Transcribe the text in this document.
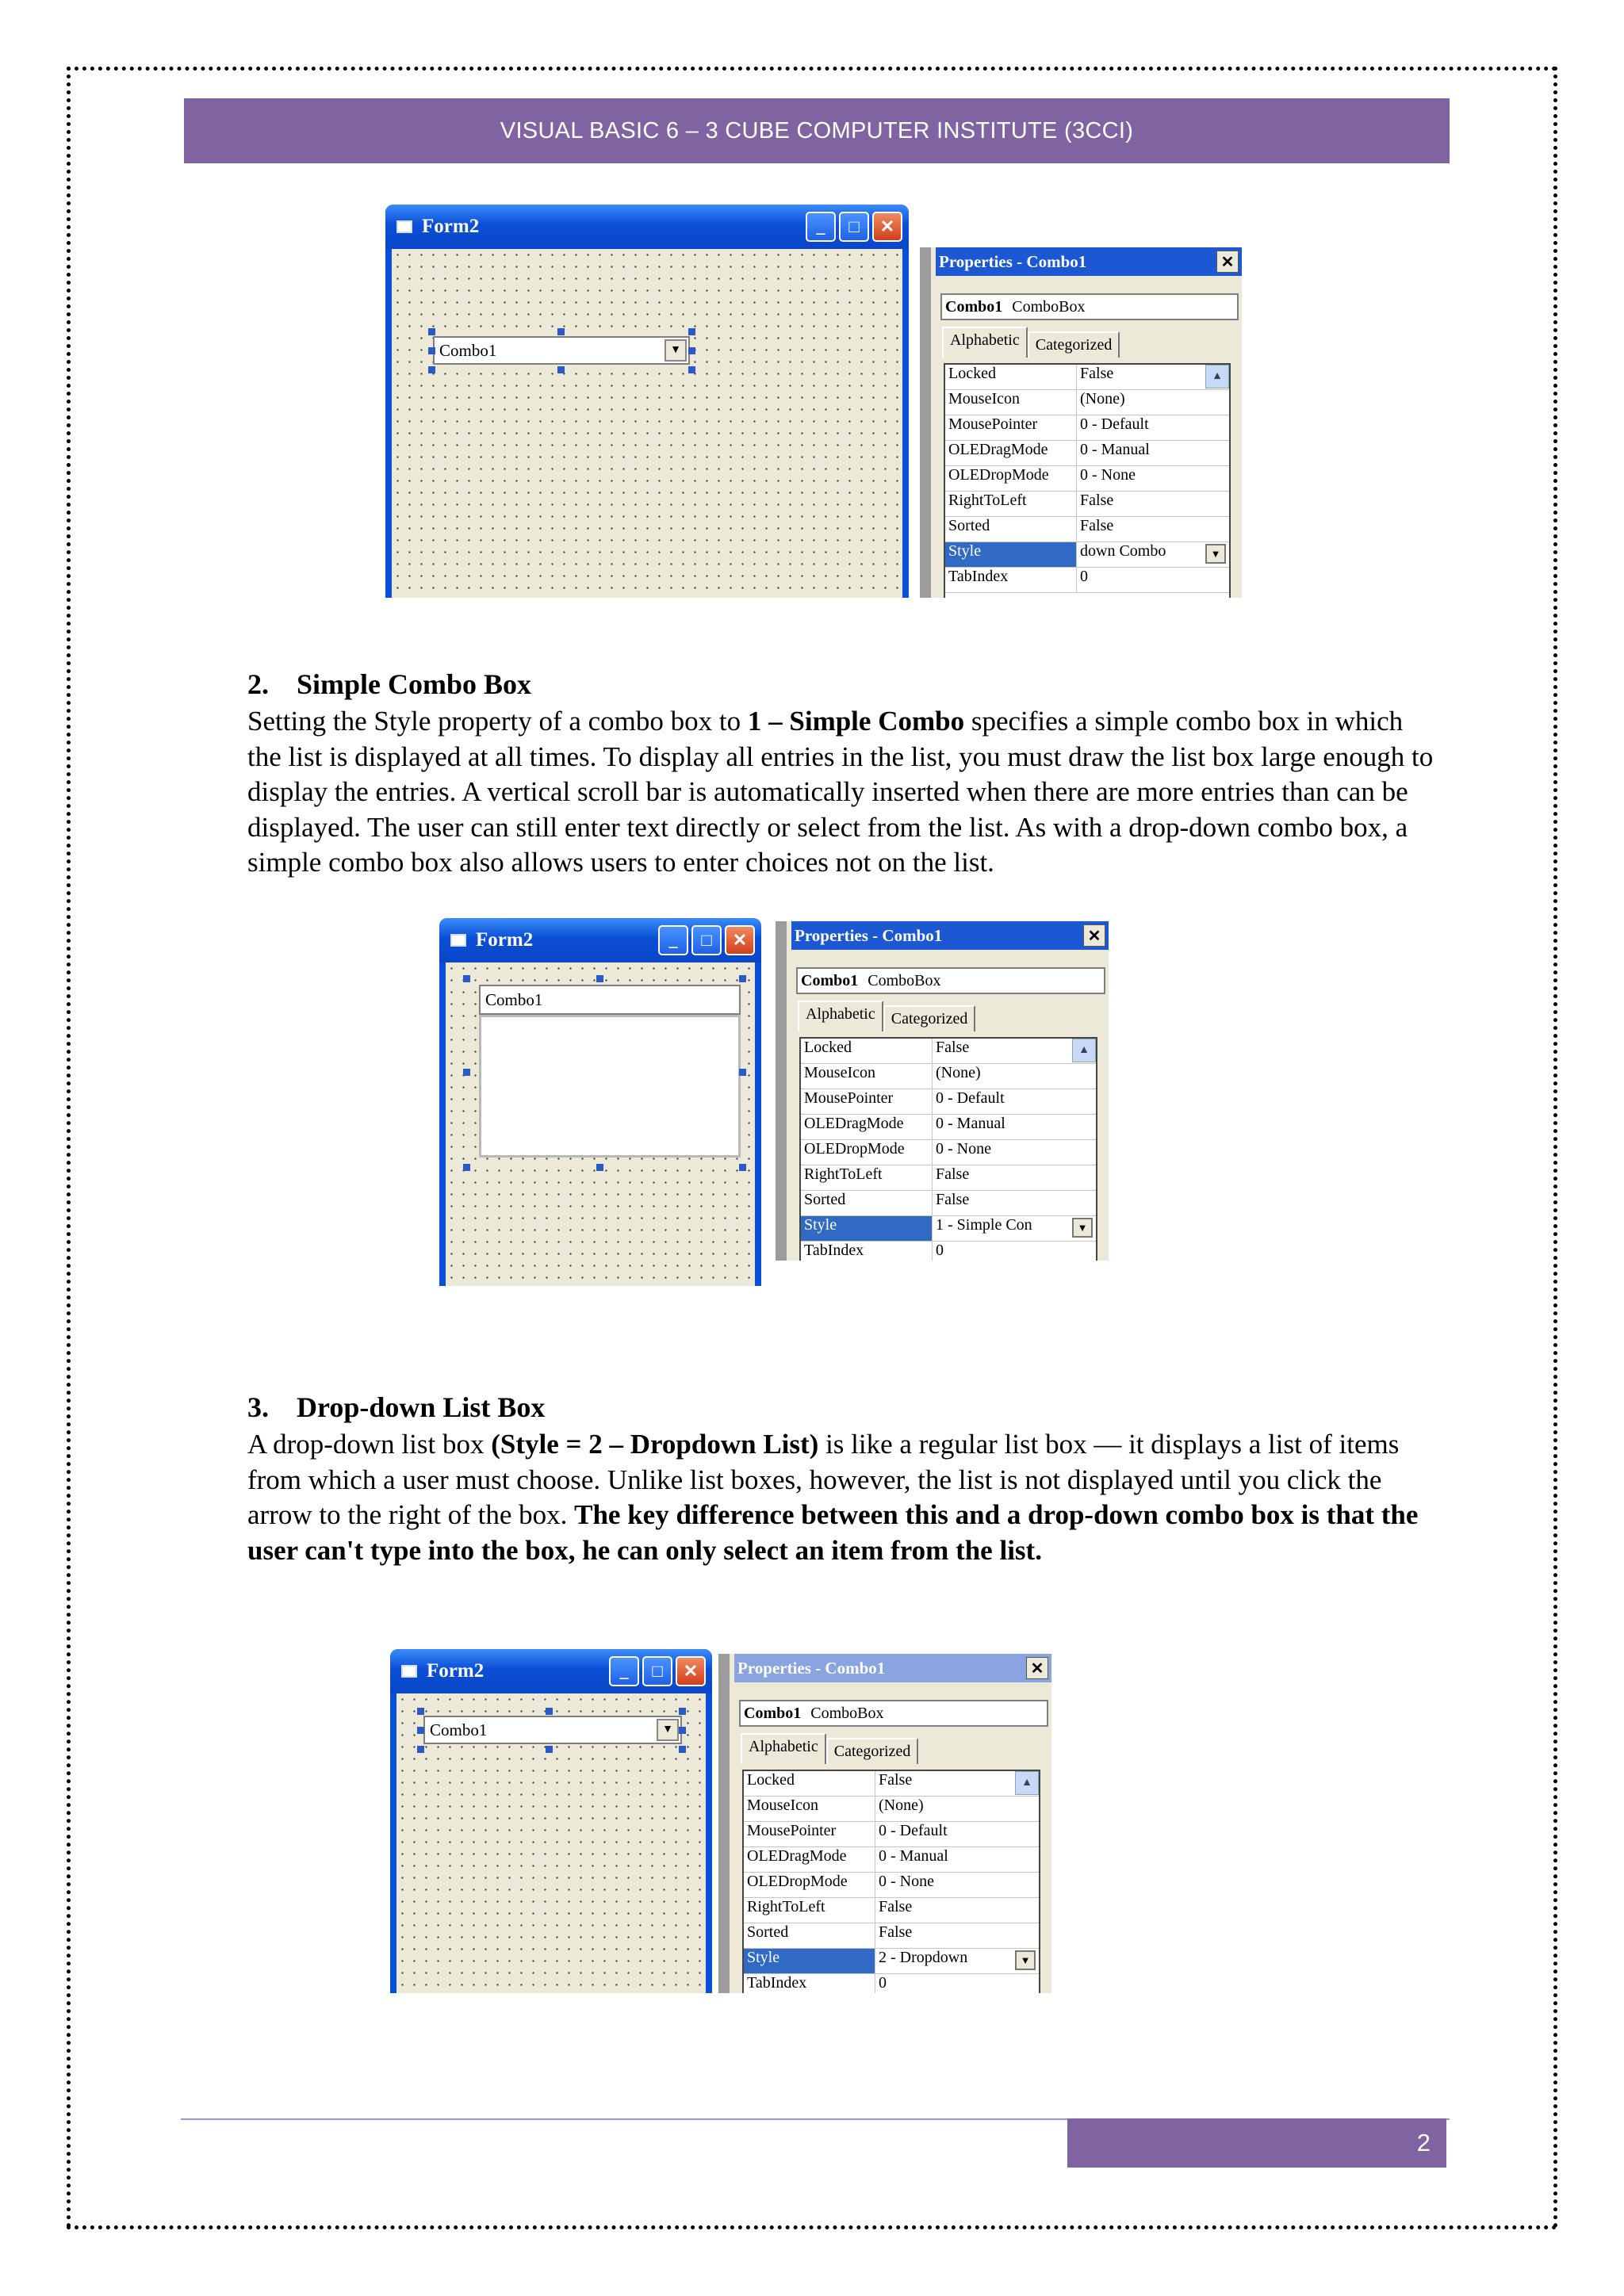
VISUAL BASIC 6 – 3 CUBE COMPUTER INSTITUTE (3CCI)
Form2	_	□	✕
Combo1	▼
Properties - Combo1	✕
Combo1 ComboBox
Alphabetic	Categorized
▲
Locked	False
MouseIcon	(None)
MousePointer	0 - Default
OLEDragMode	0 - Manual
OLEDropMode	0 - None
RightToLeft	False
Sorted	False
Style	down Combo	▼
TabIndex	0
2. Simple Combo Box

Setting the Style property of a combo box to 1 – Simple Combo specifies a simple combo box in which the list is displayed at all times. To display all entries in the list, you must draw the list box large enough to display the entries. A vertical scroll bar is automatically inserted when there are more entries than can be displayed. The user can still enter text directly or select from the list. As with a drop-down combo box, a simple combo box also allows users to enter choices not on the list.

Form2	_	□	✕
Combo1
Properties - Combo1	✕
Combo1 ComboBox
Alphabetic	Categorized
▲
Locked	False
MouseIcon	(None)
MousePointer	0 - Default
OLEDragMode	0 - Manual
OLEDropMode	0 - None
RightToLeft	False
Sorted	False
Style	1 - Simple Con	▼
TabIndex	0
3. Drop-down List Box

A drop-down list box (Style = 2 – Dropdown List) is like a regular list box — it displays a list of items from which a user must choose. Unlike list boxes, however, the list is not displayed until you click the arrow to the right of the box. The key difference between this and a drop-down combo box is that the user can't type into the box, he can only select an item from the list.

Form2	_	□	✕
Combo1	▼
Properties - Combo1	✕
Combo1 ComboBox
Alphabetic	Categorized
▲
Locked	False
MouseIcon	(None)
MousePointer	0 - Default
OLEDragMode	0 - Manual
OLEDropMode	0 - None
RightToLeft	False
Sorted	False
Style	2 - Dropdown	▼
TabIndex	0
2
